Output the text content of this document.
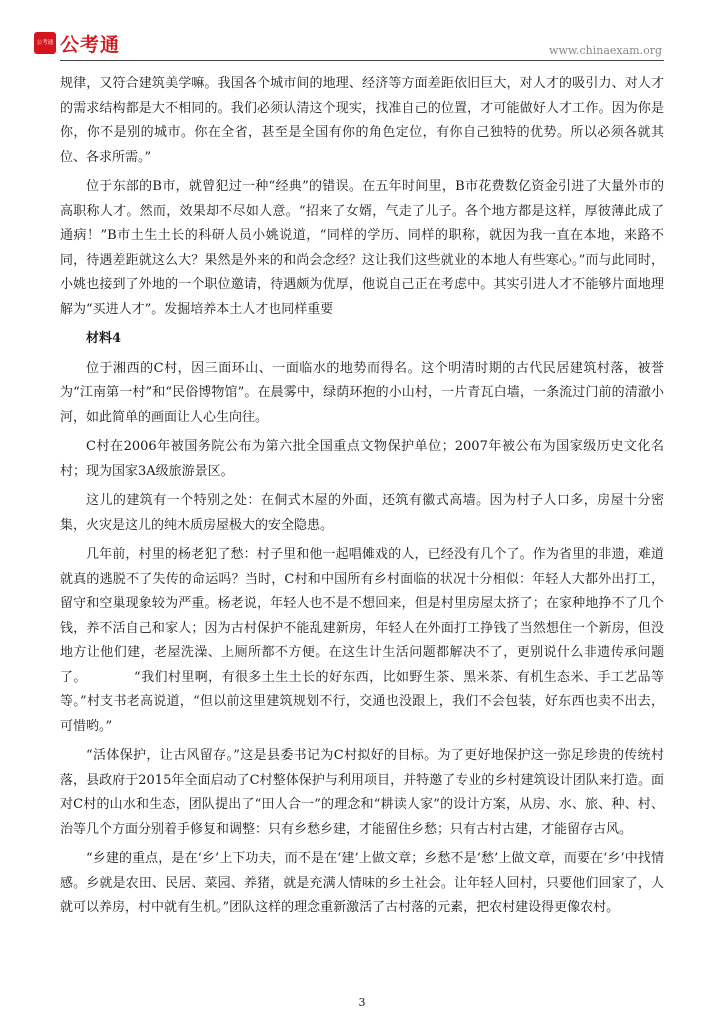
公考通 公考通	www.chinaexam.org

规律，又符合建筑美学嘛。我国各个城市间的地理、经济等方面差距依旧巨大，对人才的吸引力、对人才的需求结构都是大不相同的。我们必须认清这个现实，找准自己的位置，才可能做好人才工作。因为你是你，你不是别的城市。你在全省，甚至是全国有你的角色定位，有你自己独特的优势。所以必须各就其位、各求所需。”

位于东部的B市，就曾犯过一种“经典”的错误。在五年时间里，B市花费数亿资金引进了大量外市的高职称人才。然而，效果却不尽如人意。“招来了女婿，气走了儿子。各个地方都是这样，厚彼薄此成了通病！”B市土生土长的科研人员小姚说道，“同样的学历、同样的职称，就因为我一直在本地，来路不同，待遇差距就这么大？果然是外来的和尚会念经？这让我们这些就业的本地人有些寒心。”而与此同时，小姚也接到了外地的一个职位邀请，待遇颇为优厚，他说自己正在考虑中。其实引进人才不能够片面地理解为“买进人才”。发掘培养本土人才也同样重要

材料4

位于湘西的C村，因三面环山、一面临水的地势而得名。这个明清时期的古代民居建筑村落，被誉为“江南第一村”和“民俗博物馆”。在晨雾中，绿荫环抱的小山村，一片青瓦白墙，一条流过门前的清澈小河，如此简单的画面让人心生向往。

C村在2006年被国务院公布为第六批全国重点文物保护单位；2007年被公布为国家级历史文化名村；现为国家3A级旅游景区。

这儿的建筑有一个特别之处：在侗式木屋的外面，还筑有徽式高墙。因为村子人口多，房屋十分密集，火灾是这儿的纯木质房屋极大的安全隐患。

几年前，村里的杨老犯了愁：村子里和他一起唱傩戏的人，已经没有几个了。作为省里的非遗，难道就真的逃脱不了失传的命运吗？当时，C村和中国所有乡村面临的状况十分相似：年轻人大都外出打工，留守和空巢现象较为严重。杨老说，年轻人也不是不想回来，但是村里房屋太挤了；在家种地挣不了几个钱，养不活自己和家人；因为古村保护不能乱建新房，年轻人在外面打工挣钱了当然想住一个新房，但没地方让他们建，老屋洗澡、上厕所都不方便。在这生计生活问题都解决不了，更别说什么非遗传承问题了。　　　　“我们村里啊，有很多土生土长的好东西，比如野生茶、黑米茶、有机生态米、手工艺品等等。”村支书老高说道，“但以前这里建筑规划不行，交通也没跟上，我们不会包装，好东西也卖不出去，可惜哟。”

“活体保护，让古风留存。”这是县委书记为C村拟好的目标。为了更好地保护这一弥足珍贵的传统村落，县政府于2015年全面启动了C村整体保护与利用项目，并特邀了专业的乡村建筑设计团队来打造。面对C村的山水和生态，团队提出了“田人合一”的理念和“耕读人家”的设计方案，从房、水、旅、种、村、治等几个方面分别着手修复和调整：只有乡愁乡建，才能留住乡愁；只有古村古建，才能留存古风。

“乡建的重点，是在‘乡’上下功夫，而不是在‘建’上做文章；乡愁不是‘愁’上做文章，而要在‘乡’中找情感。乡就是农田、民居、菜园、养猪，就是充满人情味的乡土社会。让年轻人回村，只要他们回家了，人就可以养房，村中就有生机。”团队这样的理念重新激活了古村落的元素，把农村建设得更像农村。

3
